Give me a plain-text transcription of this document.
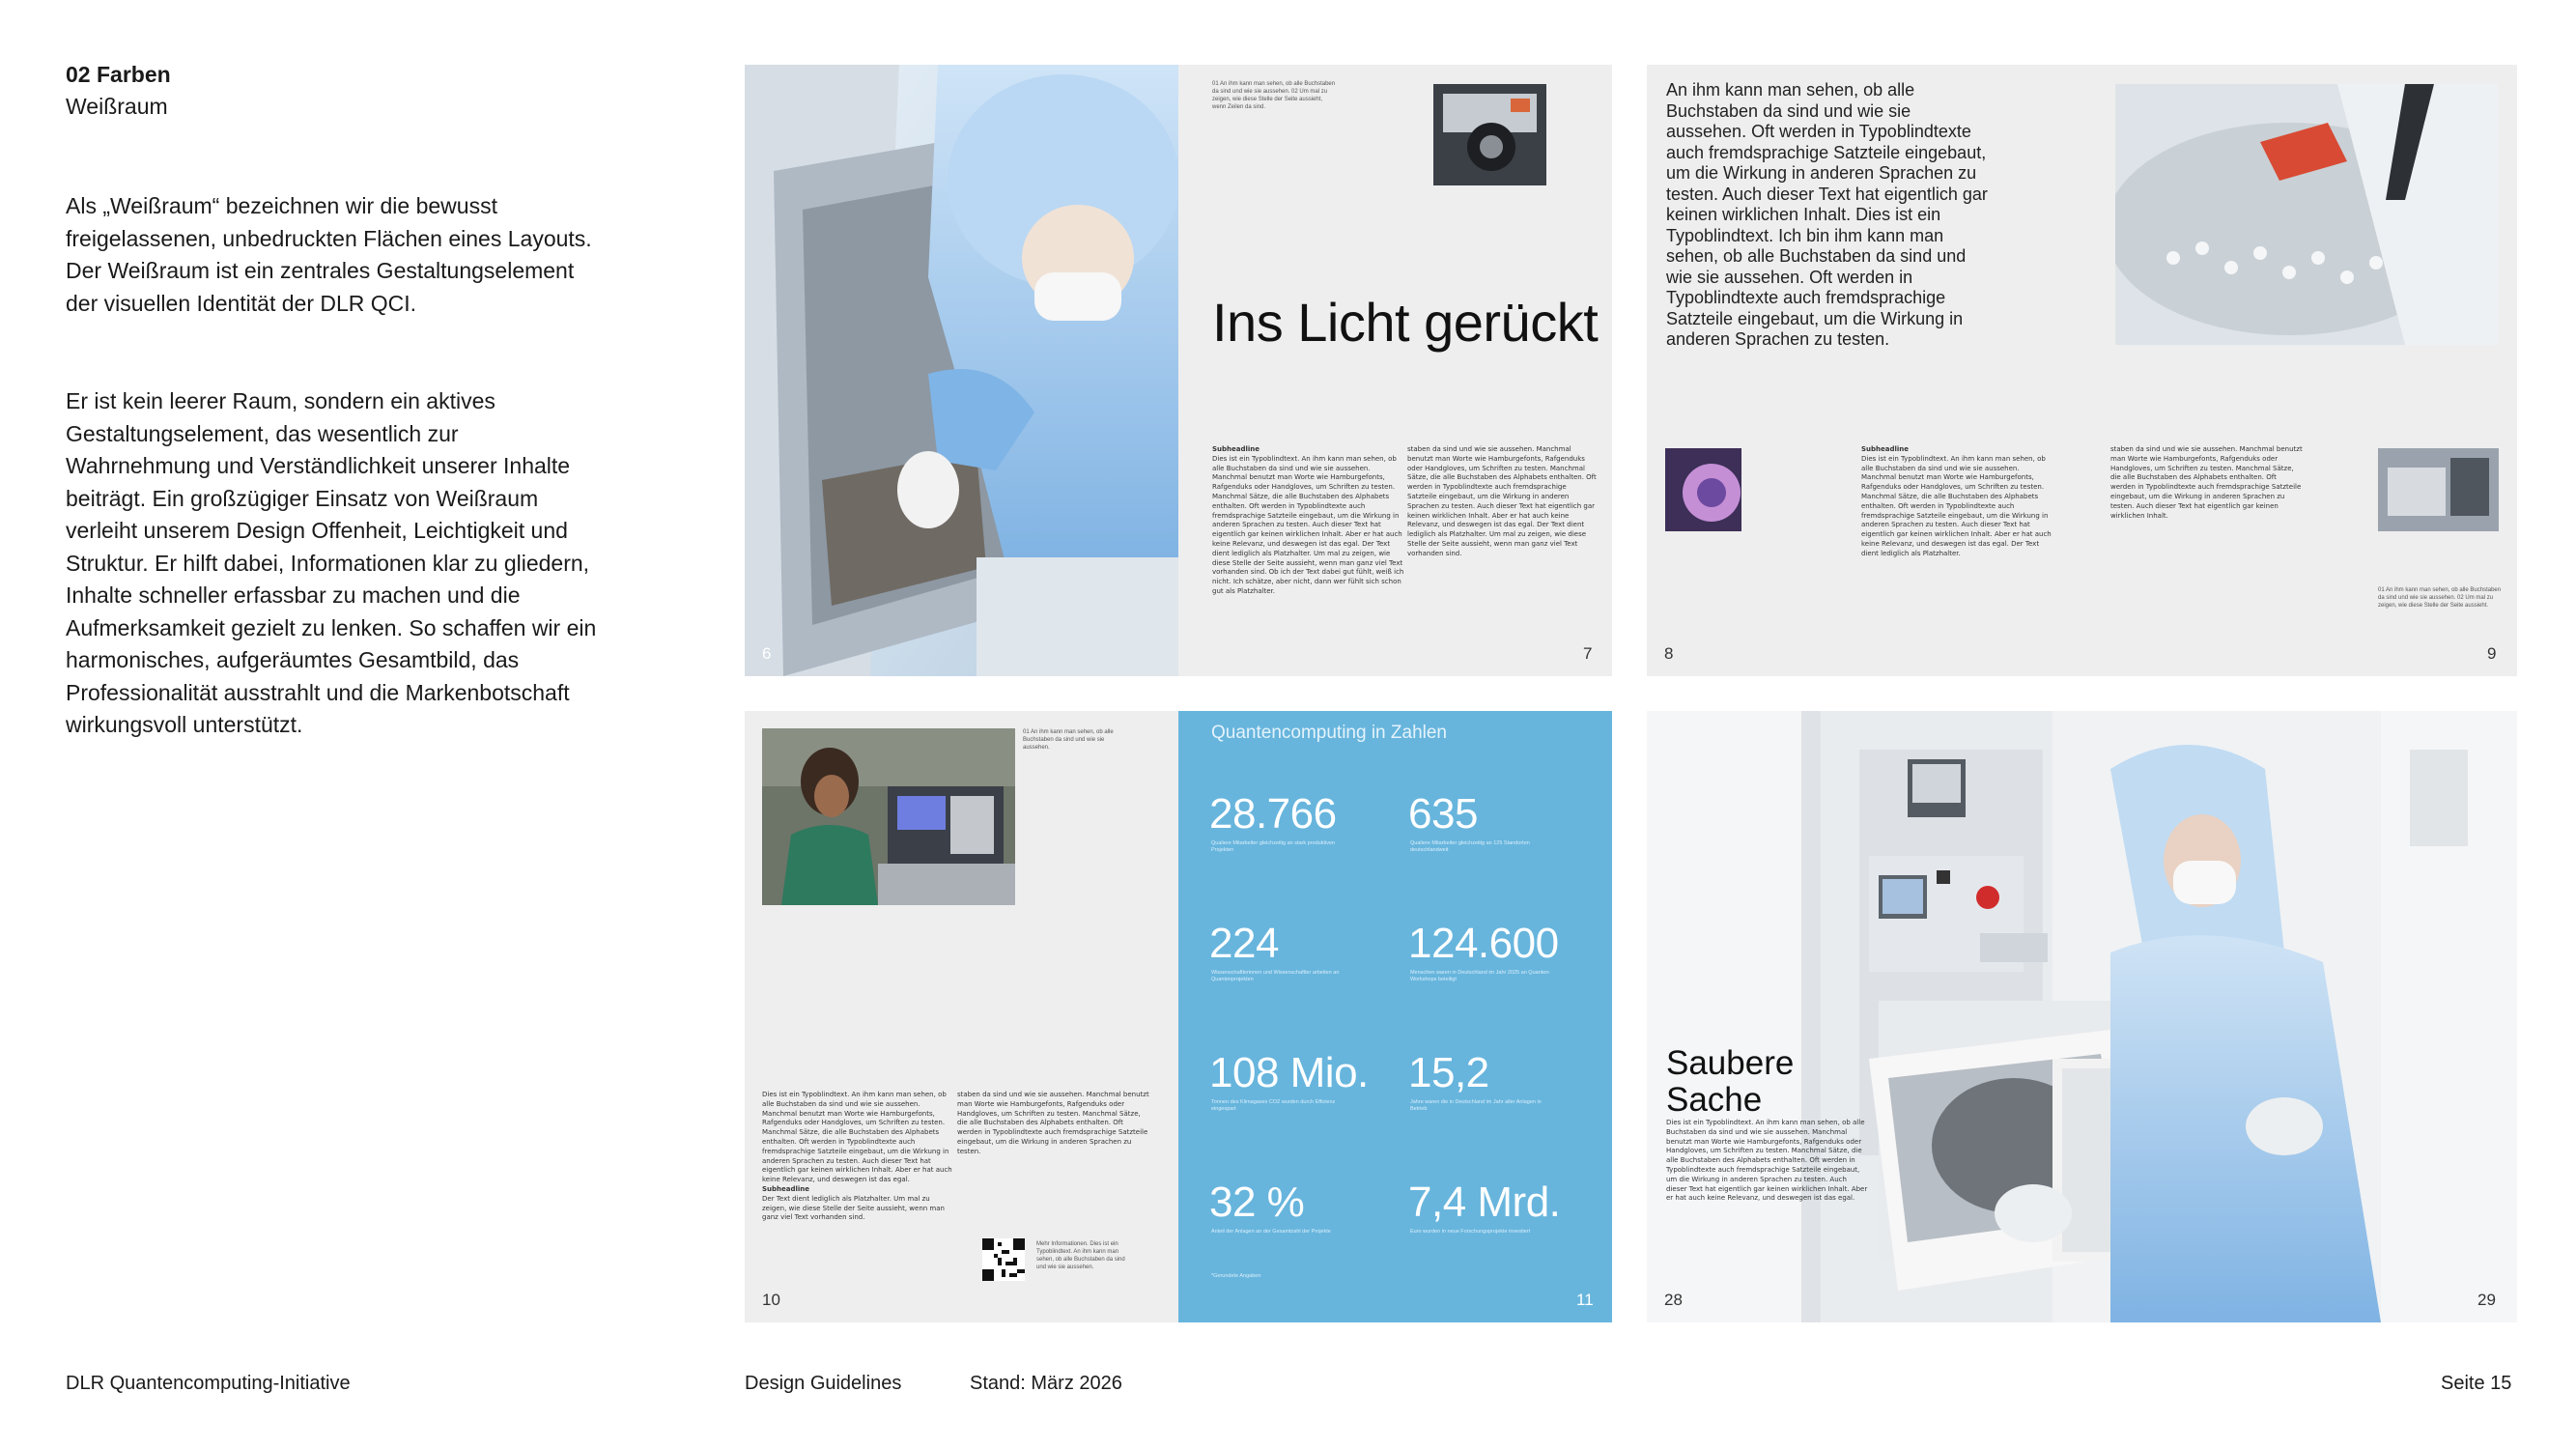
02 Farben
Weißraum

Als „Weißraum“ bezeichnen wir die bewusst freigelassenen, unbedruckten Flächen eines Layouts. Der Weißraum ist ein zentrales Gestaltungselement der visuellen Identität der DLR QCI.

Er ist kein leerer Raum, sondern ein aktives Gestaltungselement, das wesentlich zur Wahrnehmung und Verständlichkeit unserer Inhalte beiträgt. Ein großzügiger Einsatz von Weißraum verleiht unserem Design Offenheit, Leichtigkeit und Struktur. Er hilft dabei, Informationen klar zu gliedern, Inhalte schneller erfassbar zu machen und die Aufmerksamkeit gezielt zu lenken. So schaffen wir ein harmonisches, aufgeräumtes Gesamtbild, das Professionalität ausstrahlt und die Markenbotschaft wirkungsvoll unterstützt.

6
01 An ihm kann man sehen, ob alle Buchstaben da sind und wie sie aussehen. 02 Um mal zu zeigen, wie diese Stelle der Seite aussieht, wenn Zeilen da sind.
Ins Licht gerückt
Subheadline
Dies ist ein Typoblindtext. An ihm kann man sehen, ob alle Buchstaben da sind und wie sie aussehen. Manchmal benutzt man Worte wie Hamburgefonts, Rafgenduks oder Handgloves, um Schriften zu testen. Manchmal Sätze, die alle Buchstaben des Alphabets enthalten. Oft werden in Typoblindtexte auch fremdsprachige Satzteile eingebaut, um die Wirkung in anderen Sprachen zu testen. Auch dieser Text hat eigentlich gar keinen wirklichen Inhalt. Aber er hat auch keine Relevanz, und deswegen ist das egal. Der Text dient lediglich als Platzhalter. Um mal zu zeigen, wie diese Stelle der Seite aussieht, wenn man ganz viel Text vorhanden sind. Ob ich der Text dabei gut fühlt, weiß ich nicht. Ich schätze, aber nicht, dann wer fühlt sich schon gut als Platzhalter.
staben da sind und wie sie aussehen. Manchmal benutzt man Worte wie Hamburgefonts, Rafgenduks oder Handgloves, um Schriften zu testen. Manchmal Sätze, die alle Buchstaben des Alphabets enthalten. Oft werden in Typoblindtexte auch fremdsprachige Satzteile eingebaut, um die Wirkung in anderen Sprachen zu testen. Auch dieser Text hat eigentlich gar keinen wirklichen Inhalt. Aber er hat auch keine Relevanz, und deswegen ist das egal. Der Text dient lediglich als Platzhalter. Um mal zu zeigen, wie diese Stelle der Seite aussieht, wenn man ganz viel Text vorhanden sind.
7
An ihm kann man sehen, ob alle Buchstaben da sind und wie sie aussehen. Oft werden in Typoblindtexte auch fremdsprachige Satzteile eingebaut, um die Wirkung in anderen Sprachen zu testen. Auch dieser Text hat eigentlich gar keinen wirklichen Inhalt. Dies ist ein Typoblindtext. Ich bin ihm kann man sehen, ob alle Buchstaben da sind und wie sie aussehen. Oft werden in Typoblindtexte auch fremdsprachige Satzteile eingebaut, um die Wirkung in anderen Sprachen zu testen.
Subheadline
Dies ist ein Typoblindtext. An ihm kann man sehen, ob alle Buchstaben da sind und wie sie aussehen. Manchmal benutzt man Worte wie Hamburgefonts, Rafgenduks oder Handgloves, um Schriften zu testen. Manchmal Sätze, die alle Buchstaben des Alphabets enthalten. Oft werden in Typoblindtexte auch fremdsprachige Satzteile eingebaut, um die Wirkung in anderen Sprachen zu testen. Auch dieser Text hat eigentlich gar keinen wirklichen Inhalt. Aber er hat auch keine Relevanz, und deswegen ist das egal. Der Text dient lediglich als Platzhalter.
staben da sind und wie sie aussehen. Manchmal benutzt man Worte wie Hamburgefonts, Rafgenduks oder Handgloves, um Schriften zu testen. Manchmal Sätze, die alle Buchstaben des Alphabets enthalten. Oft werden in Typoblindtexte auch fremdsprachige Satzteile eingebaut, um die Wirkung in anderen Sprachen zu testen. Auch dieser Text hat eigentlich gar keinen wirklichen Inhalt.
01 An ihm kann man sehen, ob alle Buchstaben da sind und wie sie aussehen. 02 Um mal zu zeigen, wie diese Stelle der Seite aussieht.
8	9
01 An ihm kann man sehen, ob alle Buchstaben da sind und wie sie aussehen.
Dies ist ein Typoblindtext. An ihm kann man sehen, ob alle Buchstaben da sind und wie sie aussehen. Manchmal benutzt man Worte wie Hamburgefonts, Rafgenduks oder Handgloves, um Schriften zu testen. Manchmal Sätze, die alle Buchstaben des Alphabets enthalten. Oft werden in Typoblindtexte auch fremdsprachige Satzteile eingebaut, um die Wirkung in anderen Sprachen zu testen. Auch dieser Text hat eigentlich gar keinen wirklichen Inhalt. Aber er hat auch keine Relevanz, und deswegen ist das egal.
Subheadline
Der Text dient lediglich als Platzhalter. Um mal zu zeigen, wie diese Stelle der Seite aussieht, wenn man ganz viel Text vorhanden sind.
staben da sind und wie sie aussehen. Manchmal benutzt man Worte wie Hamburgefonts, Rafgenduks oder Handgloves, um Schriften zu testen. Manchmal Sätze, die alle Buchstaben des Alphabets enthalten. Oft werden in Typoblindtexte auch fremdsprachige Satzteile eingebaut, um die Wirkung in anderen Sprachen zu testen.
Mehr Informationen. Dies ist ein Typoblindtext. An ihm kann man sehen, ob alle Buchstaben da sind und wie sie aussehen.
10
Quantencomputing in Zahlen
28.766
Qualiere Mitarbeiter gleichzeitig an stark produktiven Projekten
635
Qualiere Mitarbeiter gleichzeitig an 125 Standorten deutschlandweit
224
Wissenschaftlerinnen und Wissenschaftler arbeiten an Quantenprojekten
124.600
Menschen waren in Deutschland im Jahr 2025 an Quanten-Workshops beteiligt
108 Mio.
Tonnen des Klimagases CO2 wurden durch Effizienz eingespart
15,2
Jahre waren die in Deutschland im Jahr aller Anlagen in Betrieb
32 %
Anteil der Anlagen an der Gesamtzahl der Projekte
7,4 Mrd.
Euro wurden in neue Forschungsprojekte investiert
*Gerundete Angaben
11
Saubere Sache
Dies ist ein Typoblindtext. An ihm kann man sehen, ob alle Buchstaben da sind und wie sie aussehen. Manchmal benutzt man Worte wie Hamburgefonts, Rafgenduks oder Handgloves, um Schriften zu testen. Manchmal Sätze, die alle Buchstaben des Alphabets enthalten. Oft werden in Typoblindtexte auch fremdsprachige Satzteile eingebaut, um die Wirkung in anderen Sprachen zu testen. Auch dieser Text hat eigentlich gar keinen wirklichen Inhalt. Aber er hat auch keine Relevanz, und deswegen ist das egal.
28	29
DLR Quantencomputing-Initiative	Design Guidelines	Stand: März 2026	Seite 15
